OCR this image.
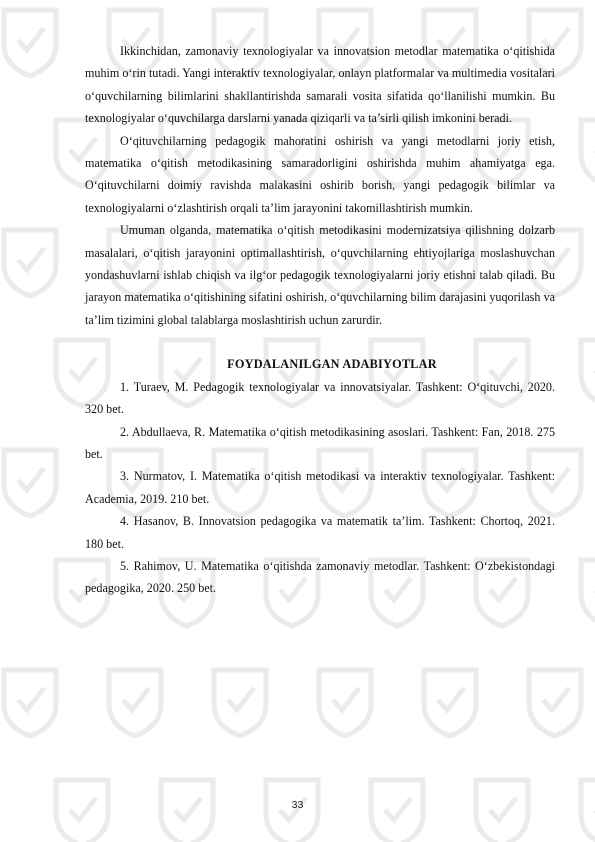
Ikkinchidan, zamonaviy texnologiyalar va innovatsion metodlar matematika o‘qitishida muhim o‘rin tutadi. Yangi interaktiv texnologiyalar, onlayn platformalar va multimedia vositalari o‘quvchilarning bilimlarini shakllantirishda samarali vosita sifatida qo‘llanilishi mumkin. Bu texnologiyalar o‘quvchilarga darslarni yanada qiziqarli va ta’sirli qilish imkonini beradi.

O‘qituvchilarning pedagogik mahoratini oshirish va yangi metodlarni joriy etish, matematika o‘qitish metodikasining samaradorligini oshirishda muhim ahamiyatga ega. O‘qituvchilarni doimiy ravishda malakasini oshirib borish, yangi pedagogik bilimlar va texnologiyalarni o‘zlashtirish orqali ta’lim jarayonini takomillashtirish mumkin.

Umuman olganda, matematika o‘qitish metodikasini modernizatsiya qilishning dolzarb masalalari, o‘qitish jarayonini optimallashtirish, o‘quvchilarning ehtiyojlariga moslashuvchan yondashuvlarni ishlab chiqish va ilg‘or pedagogik texnologiyalarni joriy etishni talab qiladi. Bu jarayon matematika o‘qitishining sifatini oshirish, o‘quvchilarning bilim darajasini yuqorilash va ta’lim tizimini global talablarga moslashtirish uchun zarurdir.

FOYDALANILGAN ADABIYOTLAR

1. Turaev, M. Pedagogik texnologiyalar va innovatsiyalar. Tashkent: O‘qituvchi, 2020. 320 bet.

2. Abdullaeva, R. Matematika o‘qitish metodikasining asoslari. Tashkent: Fan, 2018. 275 bet.

3. Nurmatov, I. Matematika o‘qitish metodikasi va interaktiv texnologiyalar. Tashkent: Academia, 2019. 210 bet.

4. Hasanov, B. Innovatsion pedagogika va matematik ta’lim. Tashkent: Chortoq, 2021. 180 bet.

5. Rahimov, U. Matematika o‘qitishda zamonaviy metodlar. Tashkent: O‘zbekistondagi pedagogika, 2020. 250 bet.

33
